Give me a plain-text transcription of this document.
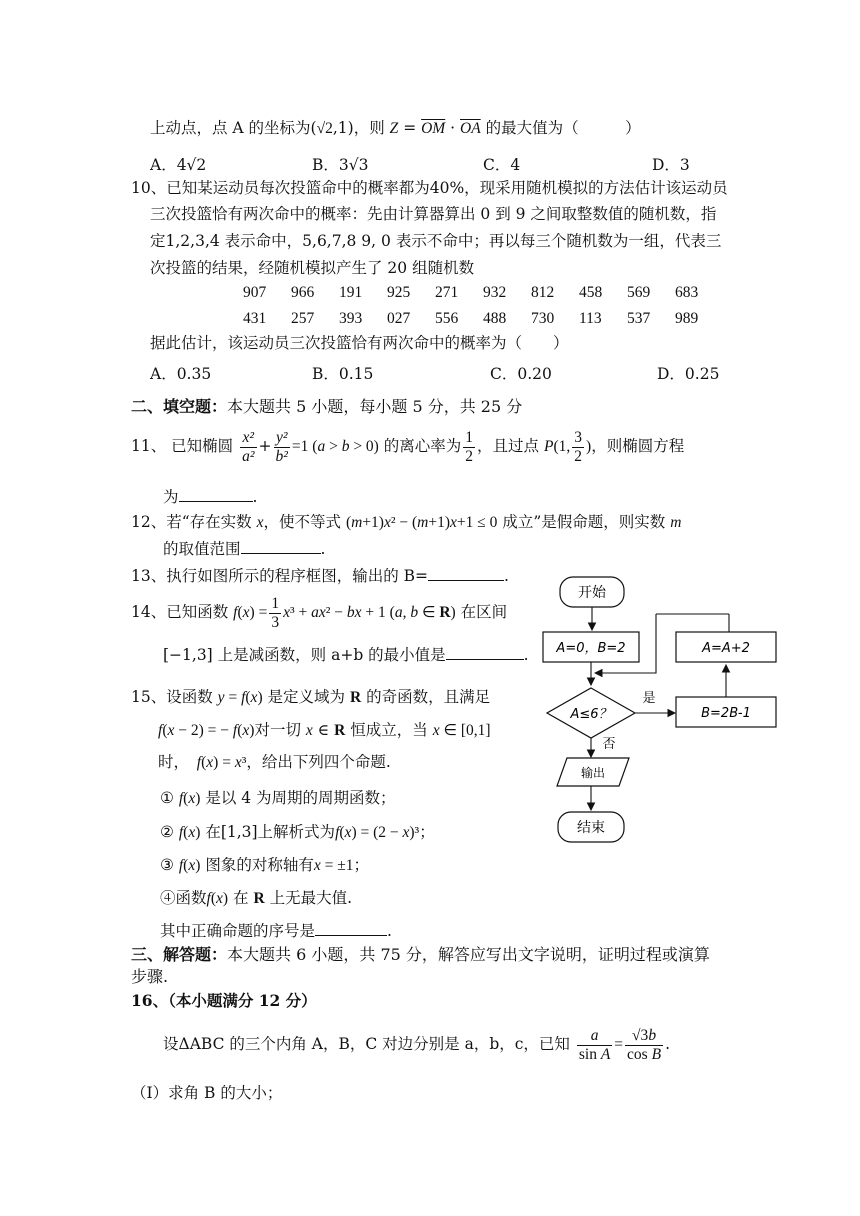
上动点，点 A 的坐标为(√2,1)，则 $Z = \overline{OM} \cdot \overline{OA}$ 的最大值为（　　　）
A．4√2	B．3√3	C．4	D．3
10、已知某运动员每次投篮命中的概率都为40%，现采用随机模拟的方法估计该运动员
三次投篮恰有两次命中的概率：先由计算器算出 0 到 9 之间取整数值的随机数，指
定1,2,3,4 表示命中，5,6,7,8 9, 0 表示不命中；再以每三个随机数为一组，代表三
次投篮的结果，经随机模拟产生了 20 组随机数
907 966 191 925 271 932 812 458 569 683
431 257 393 027 556 488 730 113 537 989
据此估计，该运动员三次投篮恰有两次命中的概率为（　　）
A．0.35	B．0.15	C．0.20	D．0.25
二、填空题：本大题共 5 小题，每小题 5 分，共 25 分
11、 已知椭圆 $\frac{\text{x²}}{\text{a²}} + \frac{\text{y²}}{\text{b²}} =1$ (a > b > 0) 的离心率为 $\frac{1}{2}$ ，且过点 P(1, $\frac{3}{2}$ )，则椭圆方程
为	.
12、若“存在实数 x，使不等式 (m+1)x² − (m+1)x+1 ≤ 0 成立”是假命题，则实数 m
的取值范围	.
13、执行如图所示的程序框图，输出的 B=	.
14、已知函数 $f(x) = \frac{1}{3} x^3 + ax^2$ − bx + 1 (a, b ∈ R) 在区间
[−1,3] 上是减函数，则 a+b 的最小值是	.
15、设函数 y = f(x) 是定义域为 R 的奇函数，且满足
f(x − 2) = − f(x)对一切 x ∈ R 恒成立，当 x ∈ [0,1]
时，　 f(x) = x³，给出下列四个命题.
① f(x) 是以 4 为周期的周期函数；
② f(x) 在[1,3]上解析式为f(x) = (2 − x)³；
③ f(x) 图象的对称轴有x = ±1；
④函数f(x) 在 R 上无最大值.
其中正确命题的序号是	.
开始
A=0，B=2
A≤6？
是
B=2B-1
A=A+2
否
输出
结束
三、解答题：本大题共 6 小题，共 75 分，解答应写出文字说明，证明过程或演算
步骤.
16、（本小题满分 12 分）
设ΔABC 的三个内角 A，B，C 对边分别是 a，b，c，已知 $\frac{a}{\text{sin A}} = \frac{√3b}{\text{cos B}}$ .
（I）求角 B 的大小；
